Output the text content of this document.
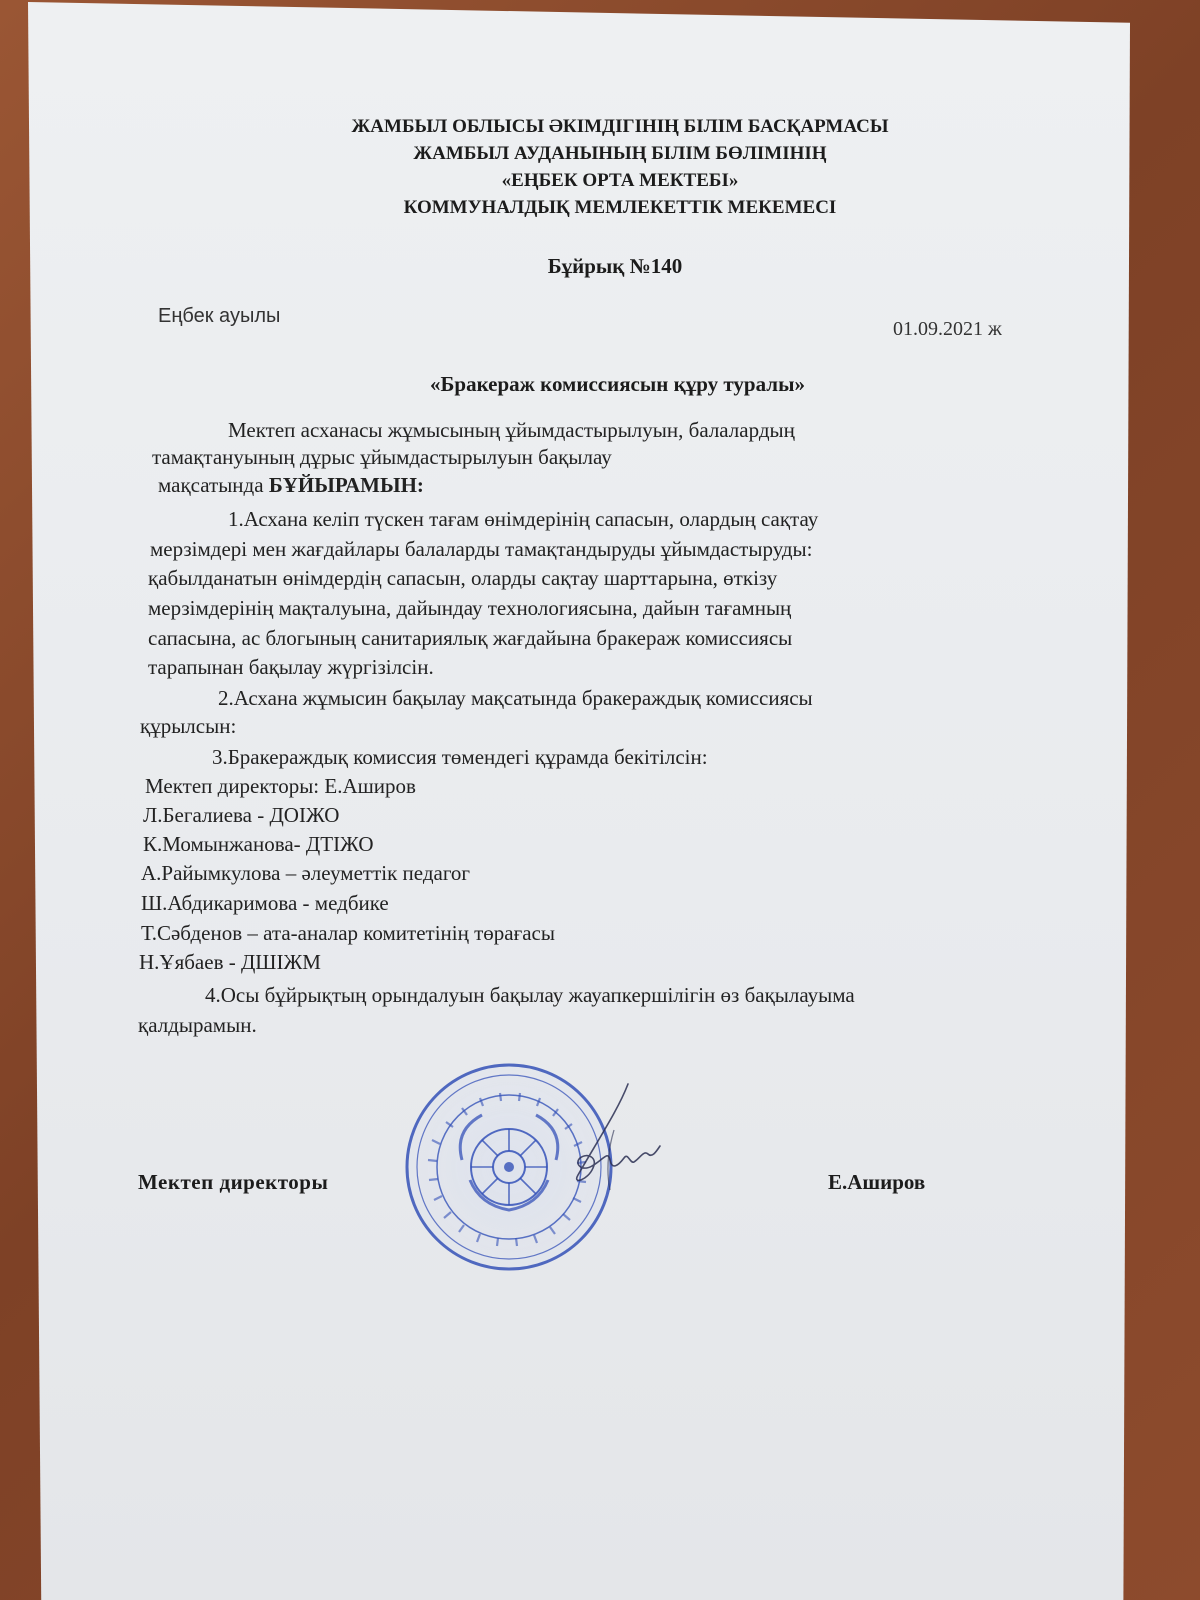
ЖАМБЫЛ ОБЛЫСЫ ӘКІМДІГІНІҢ БІЛІМ БАСҚАРМАСЫ
ЖАМБЫЛ АУДАНЫНЫҢ БІЛІМ БӨЛІМІНІҢ
«ЕҢБЕК ОРТА МЕКТЕБІ»
КОММУНАЛДЫҚ МЕМЛЕКЕТТІК МЕКЕМЕСІ
Бұйрық №140
Еңбек ауылы
01.09.2021 ж
«Бракераж комиссиясын құру туралы»
Мектеп асханасы жұмысының ұйымдастырылуын, балалардың
тамақтануының дұрыс ұйымдастырылуын бақылау
мақсатында БҰЙЫРАМЫН:
1.Асхана келіп түскен тағам өнімдерінің сапасын, олардың сақтау
мерзімдері мен жағдайлары балаларды тамақтандыруды ұйымдастыруды:
қабылданатын өнімдердің сапасын, оларды сақтау шарттарына, өткізу
мерзімдерінің мақталуына, дайындау технологиясына, дайын тағамның
сапасына, ас блогының санитариялық жағдайына бракераж комиссиясы
тарапынан бақылау жүргізілсін.
2.Асхана жұмысин бақылау мақсатында бракераждық комиссиясы
құрылсын:
3.Бракераждық комиссия төмендегі құрамда бекітілсін:
Мектеп директоры: Е.Аширов
Л.Бегалиева - ДОІЖО
К.Момынжанова- ДТІЖО
А.Райымкулова – әлеуметтік педагог
Ш.Абдикаримова - медбике
Т.Сәбденов – ата-аналар комитетінің төрағасы
Н.Ұябаев - ДШІЖМ
4.Осы бұйрықтың орындалуын бақылау жауапкершілігін өз бақылауыма
қалдырамын.
Мектеп директоры	Е.Аширов
